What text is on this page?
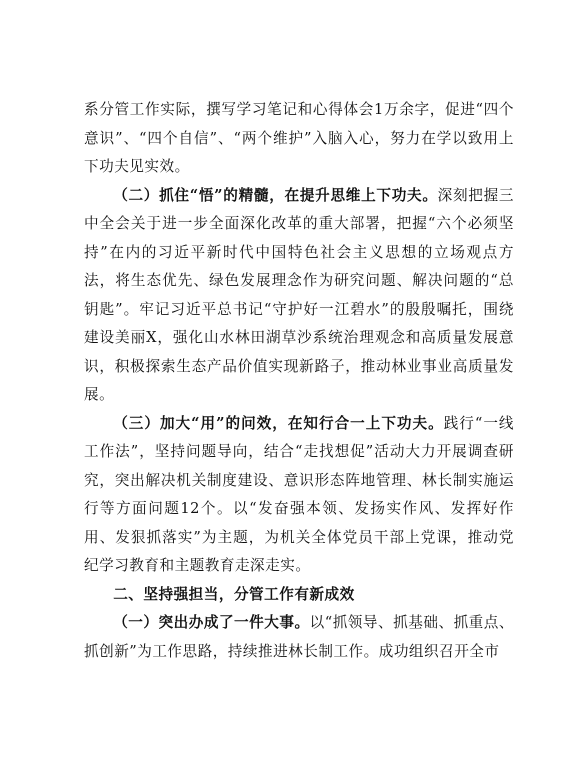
系分管工作实际，撰写学习笔记和心得体会1万余字，促进“四个意识”、“四个自信”、“两个维护”入脑入心，努力在学以致用上下功夫见实效。

（二）抓住“悟”的精髓，在提升思维上下功夫。深刻把握三中全会关于进一步全面深化改革的重大部署，把握“六个必须坚持”在内的习近平新时代中国特色社会主义思想的立场观点方法，将生态优先、绿色发展理念作为研究问题、解决问题的“总钥匙”。牢记习近平总书记“守护好一江碧水”的殷殷嘱托，围绕建设美丽X，强化山水林田湖草沙系统治理观念和高质量发展意识，积极探索生态产品价值实现新路子，推动林业事业高质量发展。

（三）加大“用”的问效，在知行合一上下功夫。践行“一线工作法”，坚持问题导向，结合“走找想促”活动大力开展调查研究，突出解决机关制度建设、意识形态阵地管理、林长制实施运行等方面问题12个。以“发奋强本领、发扬实作风、发挥好作用、发狠抓落实”为主题，为机关全体党员干部上党课，推动党纪学习教育和主题教育走深走实。

二、坚持强担当，分管工作有新成效

（一）突出办成了一件大事。以“抓领导、抓基础、抓重点、抓创新”为工作思路，持续推进林长制工作。成功组织召开全市
